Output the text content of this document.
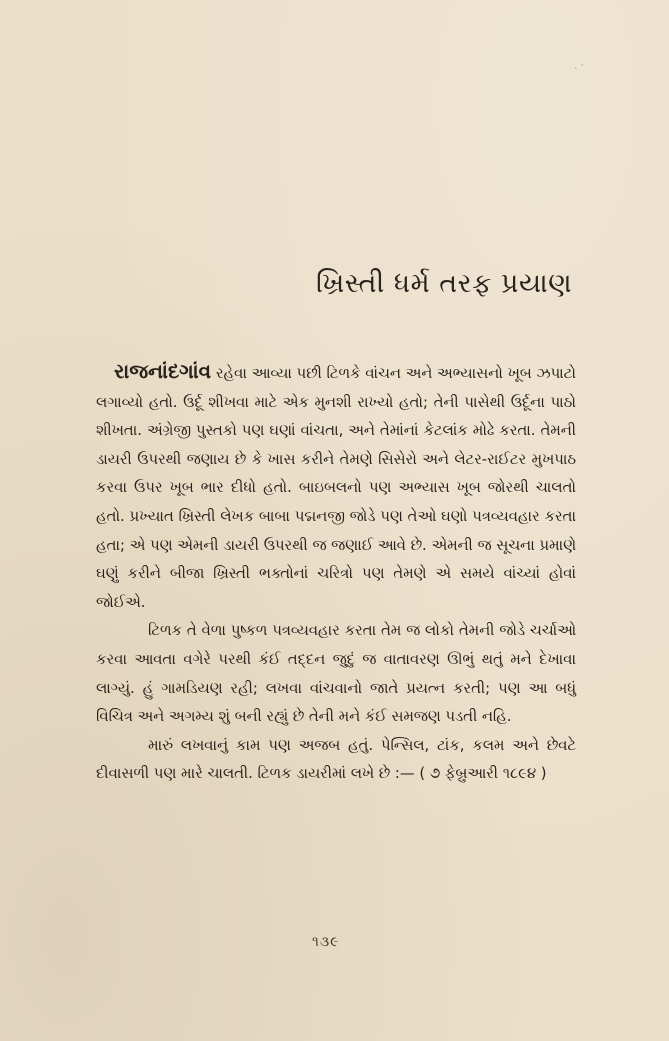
· ′
ખ્રિસ્તી ધર્મ તરફ પ્રયાણ

રાજનાંદગાંવ રહેવા આવ્યા પછી ટિળકે વાંચન અને અભ્યાસનો ખૂબ ઝપાટો લગાવ્યો હતો. ઉર્દૂ શીખવા માટે એક મુનશી રાખ્યો હતો; તેની પાસેથી ઉર્દૂના પાઠો શીખતા. અંગ્રેજી પુસ્તકો પણ ઘણાં વાંચતા, અને તેમાંનાં કેટલાંક મોઢે કરતા. તેમની ડાયરી ઉપરથી જણાય છે કે ખાસ કરીને તેમણે સિસેરો અને લેટર-રાઈટર મુખપાઠ કરવા ઉપર ખૂબ ભાર દીધો હતો. બાઇબલનો પણ અભ્યાસ ખૂબ જોરથી ચાલતો હતો. પ્રખ્યાત ખ્રિસ્તી લેખક બાબા પદ્મનજી જોડે પણ તેઓ ઘણો પત્રવ્યવહાર કરતા હતા; એ પણ એમની ડાયરી ઉપરથી જ જણાઈ આવે છે. એમની જ સૂચના પ્રમાણે ઘણું કરીને બીજા ખ્રિસ્તી ભક્તોનાં ચરિત્રો પણ તેમણે એ સમયે વાંચ્યાં હોવાં જોઈએ.

ટિળક તે વેળા પુષ્કળ પત્રવ્યવહાર કરતા તેમ જ લોકો તેમની જોડે ચર્ચાઓ કરવા આવતા વગેરે પરથી કંઈ તદ્દન જુદું જ વાતાવરણ ઊભું થતું મને દેખાવા લાગ્યું. હું ગામડિયણ રહી; લખવા વાંચવાનો જાતે પ્રયત્ન કરતી; પણ આ બધું વિચિત્ર અને અગમ્ય શું બની રહ્યું છે તેની મને કંઈ સમજણ પડતી નહિ.

મારું લખવાનું કામ પણ અજબ હતું. પેન્સિલ, ટાંક, કલમ અને છેવટે દીવાસળી પણ મારે ચાલતી. ટિળક ડાયરીમાં લખે છે :— ( ૭ ફેબ્રુઆરી ૧૮૯૪ )

૧૩૯
